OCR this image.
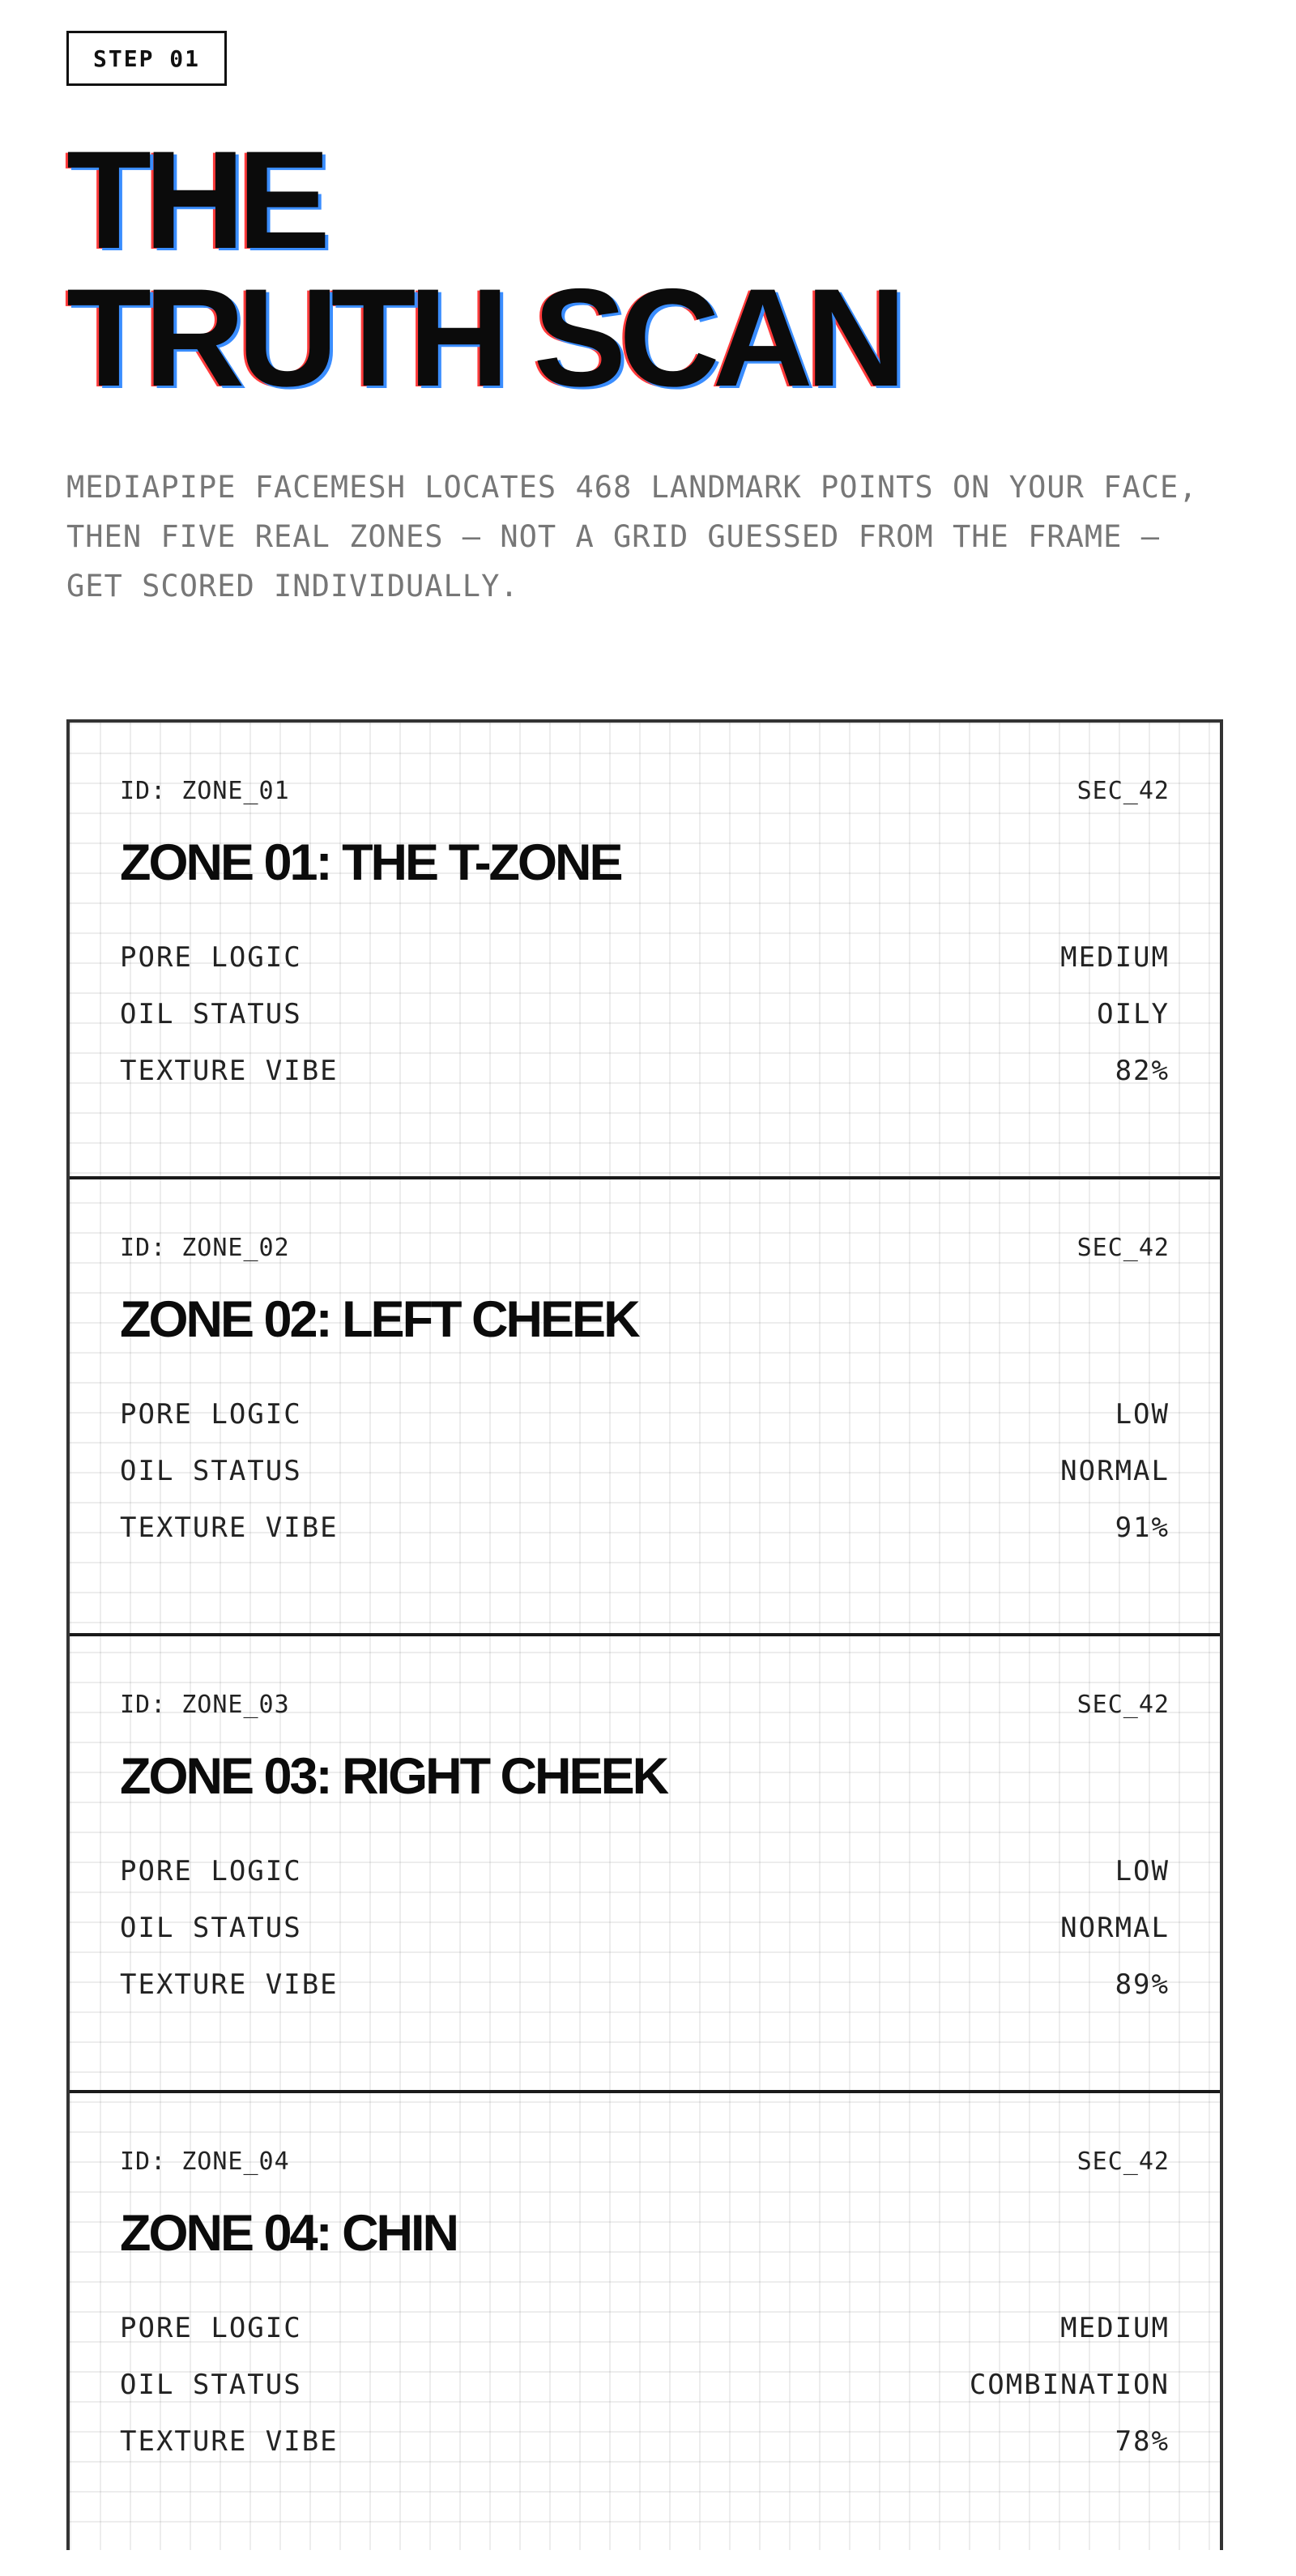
STEP 01
THE
TRUTH SCAN

MEDIAPIPE FACEMESH LOCATES 468 LANDMARK POINTS ON YOUR FACE, THEN FIVE REAL ZONES — NOT A GRID GUESSED FROM THE FRAME — GET SCORED INDIVIDUALLY.

ID: ZONE_01	SEC_42
ZONE 01: THE T-ZONE
PORE LOGIC	MEDIUM
OIL STATUS	OILY
TEXTURE VIBE	82%
ID: ZONE_02	SEC_42
ZONE 02: LEFT CHEEK
PORE LOGIC	LOW
OIL STATUS	NORMAL
TEXTURE VIBE	91%
ID: ZONE_03	SEC_42
ZONE 03: RIGHT CHEEK
PORE LOGIC	LOW
OIL STATUS	NORMAL
TEXTURE VIBE	89%
ID: ZONE_04	SEC_42
ZONE 04: CHIN
PORE LOGIC	MEDIUM
OIL STATUS	COMBINATION
TEXTURE VIBE	78%
